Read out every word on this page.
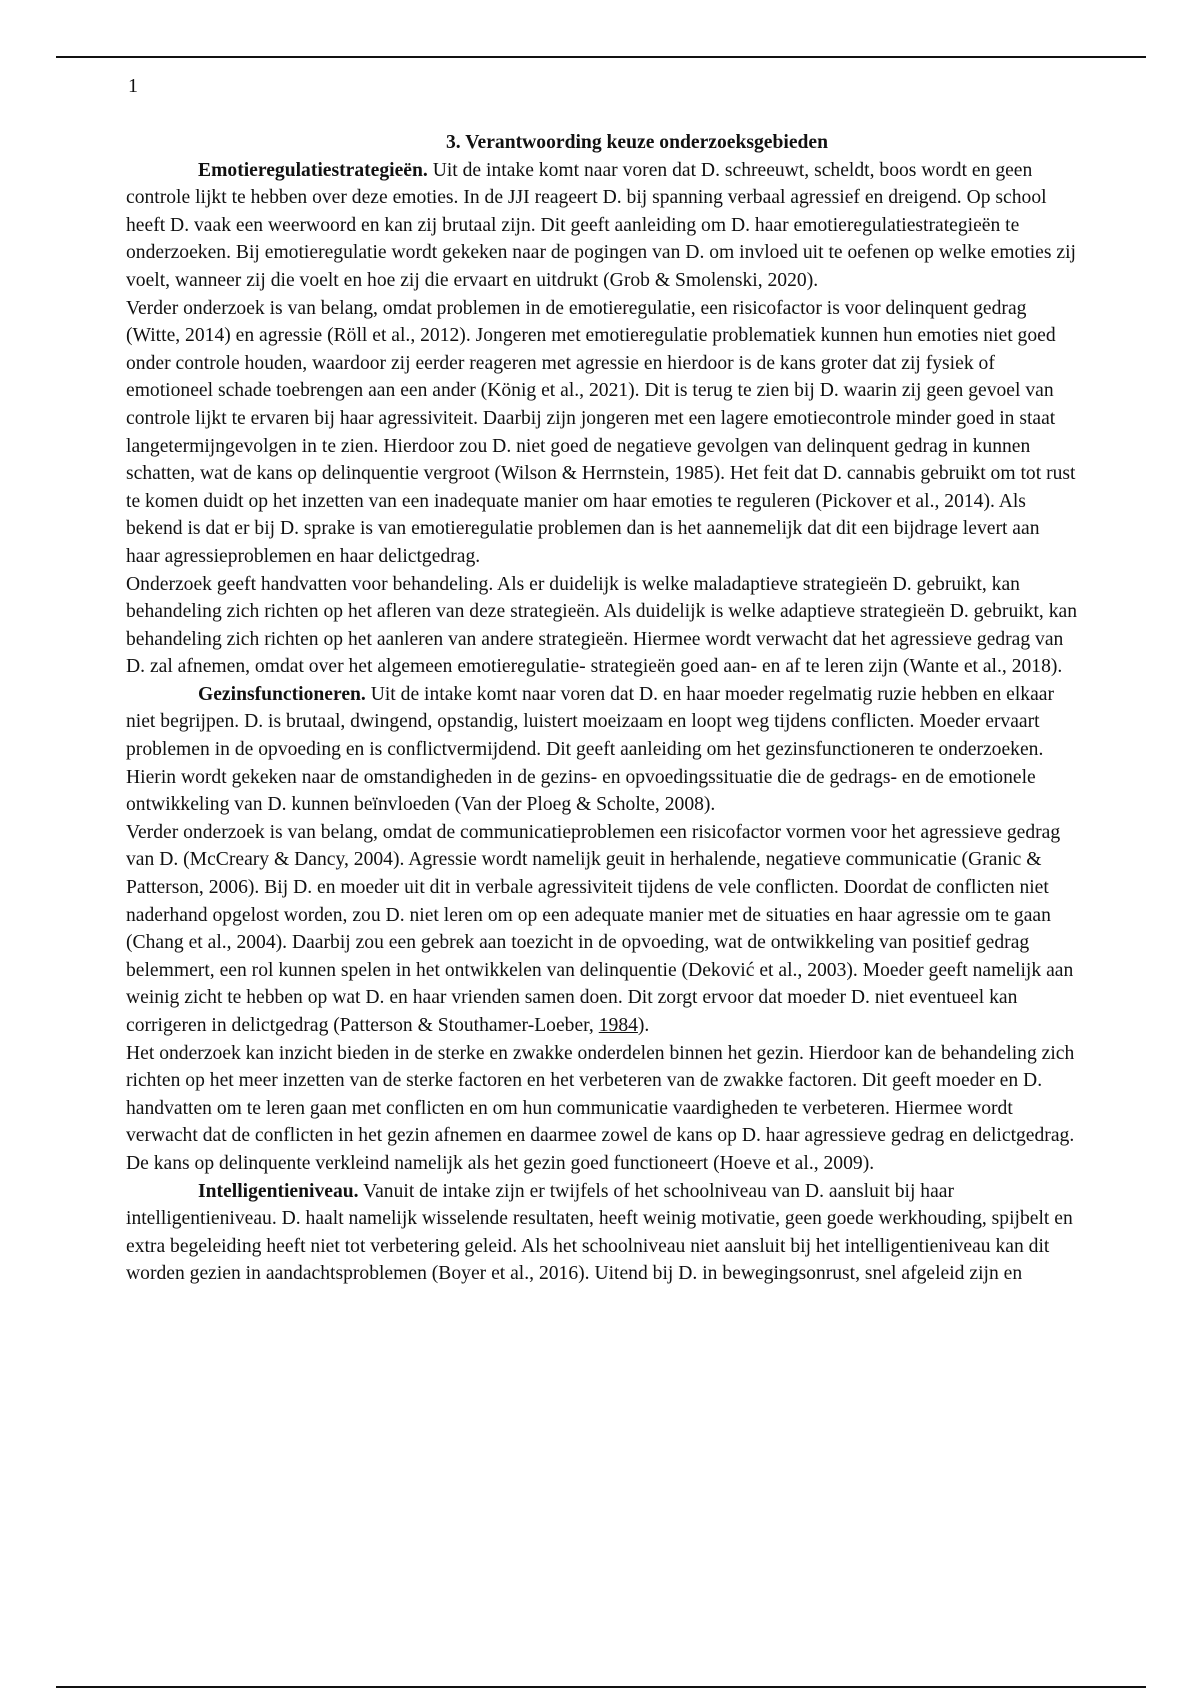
1
3. Verantwoording keuze onderzoeksgebieden

Emotieregulatiestrategieën. Uit de intake komt naar voren dat D. schreeuwt, scheldt, boos wordt en geen controle lijkt te hebben over deze emoties. In de JJI reageert D. bij spanning verbaal agressief en dreigend. Op school heeft D. vaak een weerwoord en kan zij brutaal zijn. Dit geeft aanleiding om D. haar emotieregulatiestrategieën te onderzoeken. Bij emotieregulatie wordt gekeken naar de pogingen van D. om invloed uit te oefenen op welke emoties zij voelt, wanneer zij die voelt en hoe zij die ervaart en uitdrukt (Grob & Smolenski, 2020).

Verder onderzoek is van belang, omdat problemen in de emotieregulatie, een risicofactor is voor delinquent gedrag (Witte, 2014) en agressie (Röll et al., 2012). Jongeren met emotieregulatie problematiek kunnen hun emoties niet goed onder controle houden, waardoor zij eerder reageren met agressie en hierdoor is de kans groter dat zij fysiek of emotioneel schade toebrengen aan een ander (König et al., 2021). Dit is terug te zien bij D. waarin zij geen gevoel van controle lijkt te ervaren bij haar agressiviteit. Daarbij zijn jongeren met een lagere emotiecontrole minder goed in staat langetermijngevolgen in te zien. Hierdoor zou D. niet goed de negatieve gevolgen van delinquent gedrag in kunnen schatten, wat de kans op delinquentie vergroot (Wilson & Herrnstein, 1985). Het feit dat D. cannabis gebruikt om tot rust te komen duidt op het inzetten van een inadequate manier om haar emoties te reguleren (Pickover et al., 2014). Als bekend is dat er bij D. sprake is van emotieregulatie problemen dan is het aannemelijk dat dit een bijdrage levert aan haar agressieproblemen en haar delictgedrag.

Onderzoek geeft handvatten voor behandeling. Als er duidelijk is welke maladaptieve strategieën D. gebruikt, kan behandeling zich richten op het afleren van deze strategieën. Als duidelijk is welke adaptieve strategieën D. gebruikt, kan behandeling zich richten op het aanleren van andere strategieën. Hiermee wordt verwacht dat het agressieve gedrag van D. zal afnemen, omdat over het algemeen emotieregulatie- strategieën goed aan- en af te leren zijn (Wante et al., 2018).

Gezinsfunctioneren. Uit de intake komt naar voren dat D. en haar moeder regelmatig ruzie hebben en elkaar niet begrijpen. D. is brutaal, dwingend, opstandig, luistert moeizaam en loopt weg tijdens conflicten. Moeder ervaart problemen in de opvoeding en is conflictvermijdend. Dit geeft aanleiding om het gezinsfunctioneren te onderzoeken. Hierin wordt gekeken naar de omstandigheden in de gezins- en opvoedingssituatie die de gedrags- en de emotionele ontwikkeling van D. kunnen beïnvloeden (Van der Ploeg & Scholte, 2008).

Verder onderzoek is van belang, omdat de communicatieproblemen een risicofactor vormen voor het agressieve gedrag van D. (McCreary & Dancy, 2004). Agressie wordt namelijk geuit in herhalende, negatieve communicatie (Granic & Patterson, 2006). Bij D. en moeder uit dit in verbale agressiviteit tijdens de vele conflicten. Doordat de conflicten niet naderhand opgelost worden, zou D. niet leren om op een adequate manier met de situaties en haar agressie om te gaan (Chang et al., 2004). Daarbij zou een gebrek aan toezicht in de opvoeding, wat de ontwikkeling van positief gedrag belemmert, een rol kunnen spelen in het ontwikkelen van delinquentie (Deković et al., 2003). Moeder geeft namelijk aan weinig zicht te hebben op wat D. en haar vrienden samen doen. Dit zorgt ervoor dat moeder D. niet eventueel kan corrigeren in delictgedrag (Patterson & Stouthamer-Loeber, 1984).

Het onderzoek kan inzicht bieden in de sterke en zwakke onderdelen binnen het gezin. Hierdoor kan de behandeling zich richten op het meer inzetten van de sterke factoren en het verbeteren van de zwakke factoren. Dit geeft moeder en D. handvatten om te leren gaan met conflicten en om hun communicatie vaardigheden te verbeteren. Hiermee wordt verwacht dat de conflicten in het gezin afnemen en daarmee zowel de kans op D. haar agressieve gedrag en delictgedrag. De kans op delinquente verkleind namelijk als het gezin goed functioneert (Hoeve et al., 2009).

Intelligentieniveau. Vanuit de intake zijn er twijfels of het schoolniveau van D. aansluit bij haar intelligentieniveau. D. haalt namelijk wisselende resultaten, heeft weinig motivatie, geen goede werkhouding, spijbelt en extra begeleiding heeft niet tot verbetering geleid. Als het schoolniveau niet aansluit bij het intelligentieniveau kan dit worden gezien in aandachtsproblemen (Boyer et al., 2016). Uitend bij D. in bewegingsonrust, snel afgeleid zijn en
